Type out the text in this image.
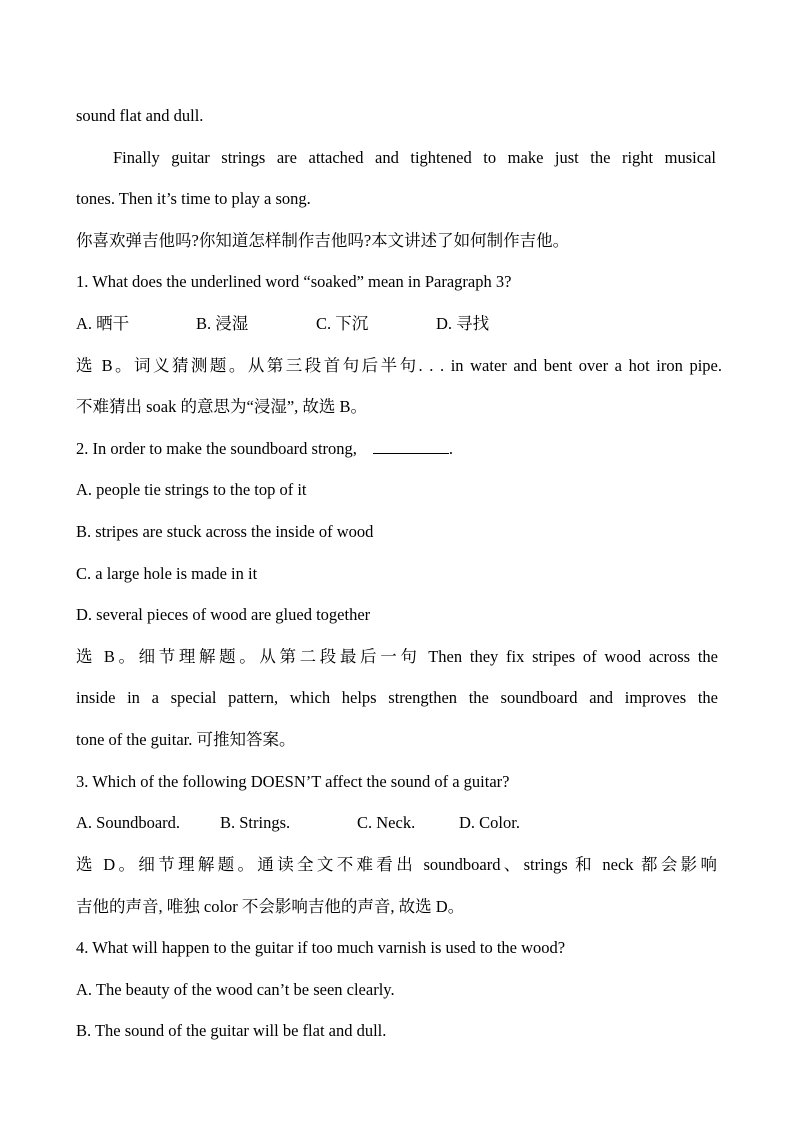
sound flat and dull.
Finally guitar strings are attached and tightened to make just the right musical
tones. Then it’s time to play a song.
你喜欢弹吉他吗?你知道怎样制作吉他吗?本文讲述了如何制作吉他。
1. What does the underlined word “soaked” mean in Paragraph 3?
A. 晒干	B. 浸湿	C. 下沉	D. 寻找
选 B。词义猜测题。从第三段首句后半句. . . in water and bent over a hot iron pipe.
不难猜出 soak 的意思为“浸湿”, 故选 B。
2. In order to make the soundboard strong,	.
A. people tie strings to the top of it
B. stripes are stuck across the inside of wood
C. a large hole is made in it
D. several pieces of wood are glued together
选 B。细节理解题。从第二段最后一句 Then they fix stripes of wood across the
inside in a special pattern, which helps strengthen the soundboard and improves the
tone of the guitar. 可推知答案。
3. Which of the following DOESN’T affect the sound of a guitar?
A. Soundboard. B. Strings.	C. Neck.	D. Color.
选 D。细节理解题。通读全文不难看出 soundboard、strings 和 neck 都会影响
吉他的声音, 唯独 color 不会影响吉他的声音, 故选 D。
4. What will happen to the guitar if too much varnish is used to the wood?
A. The beauty of the wood can’t be seen clearly.
B. The sound of the guitar will be flat and dull.
